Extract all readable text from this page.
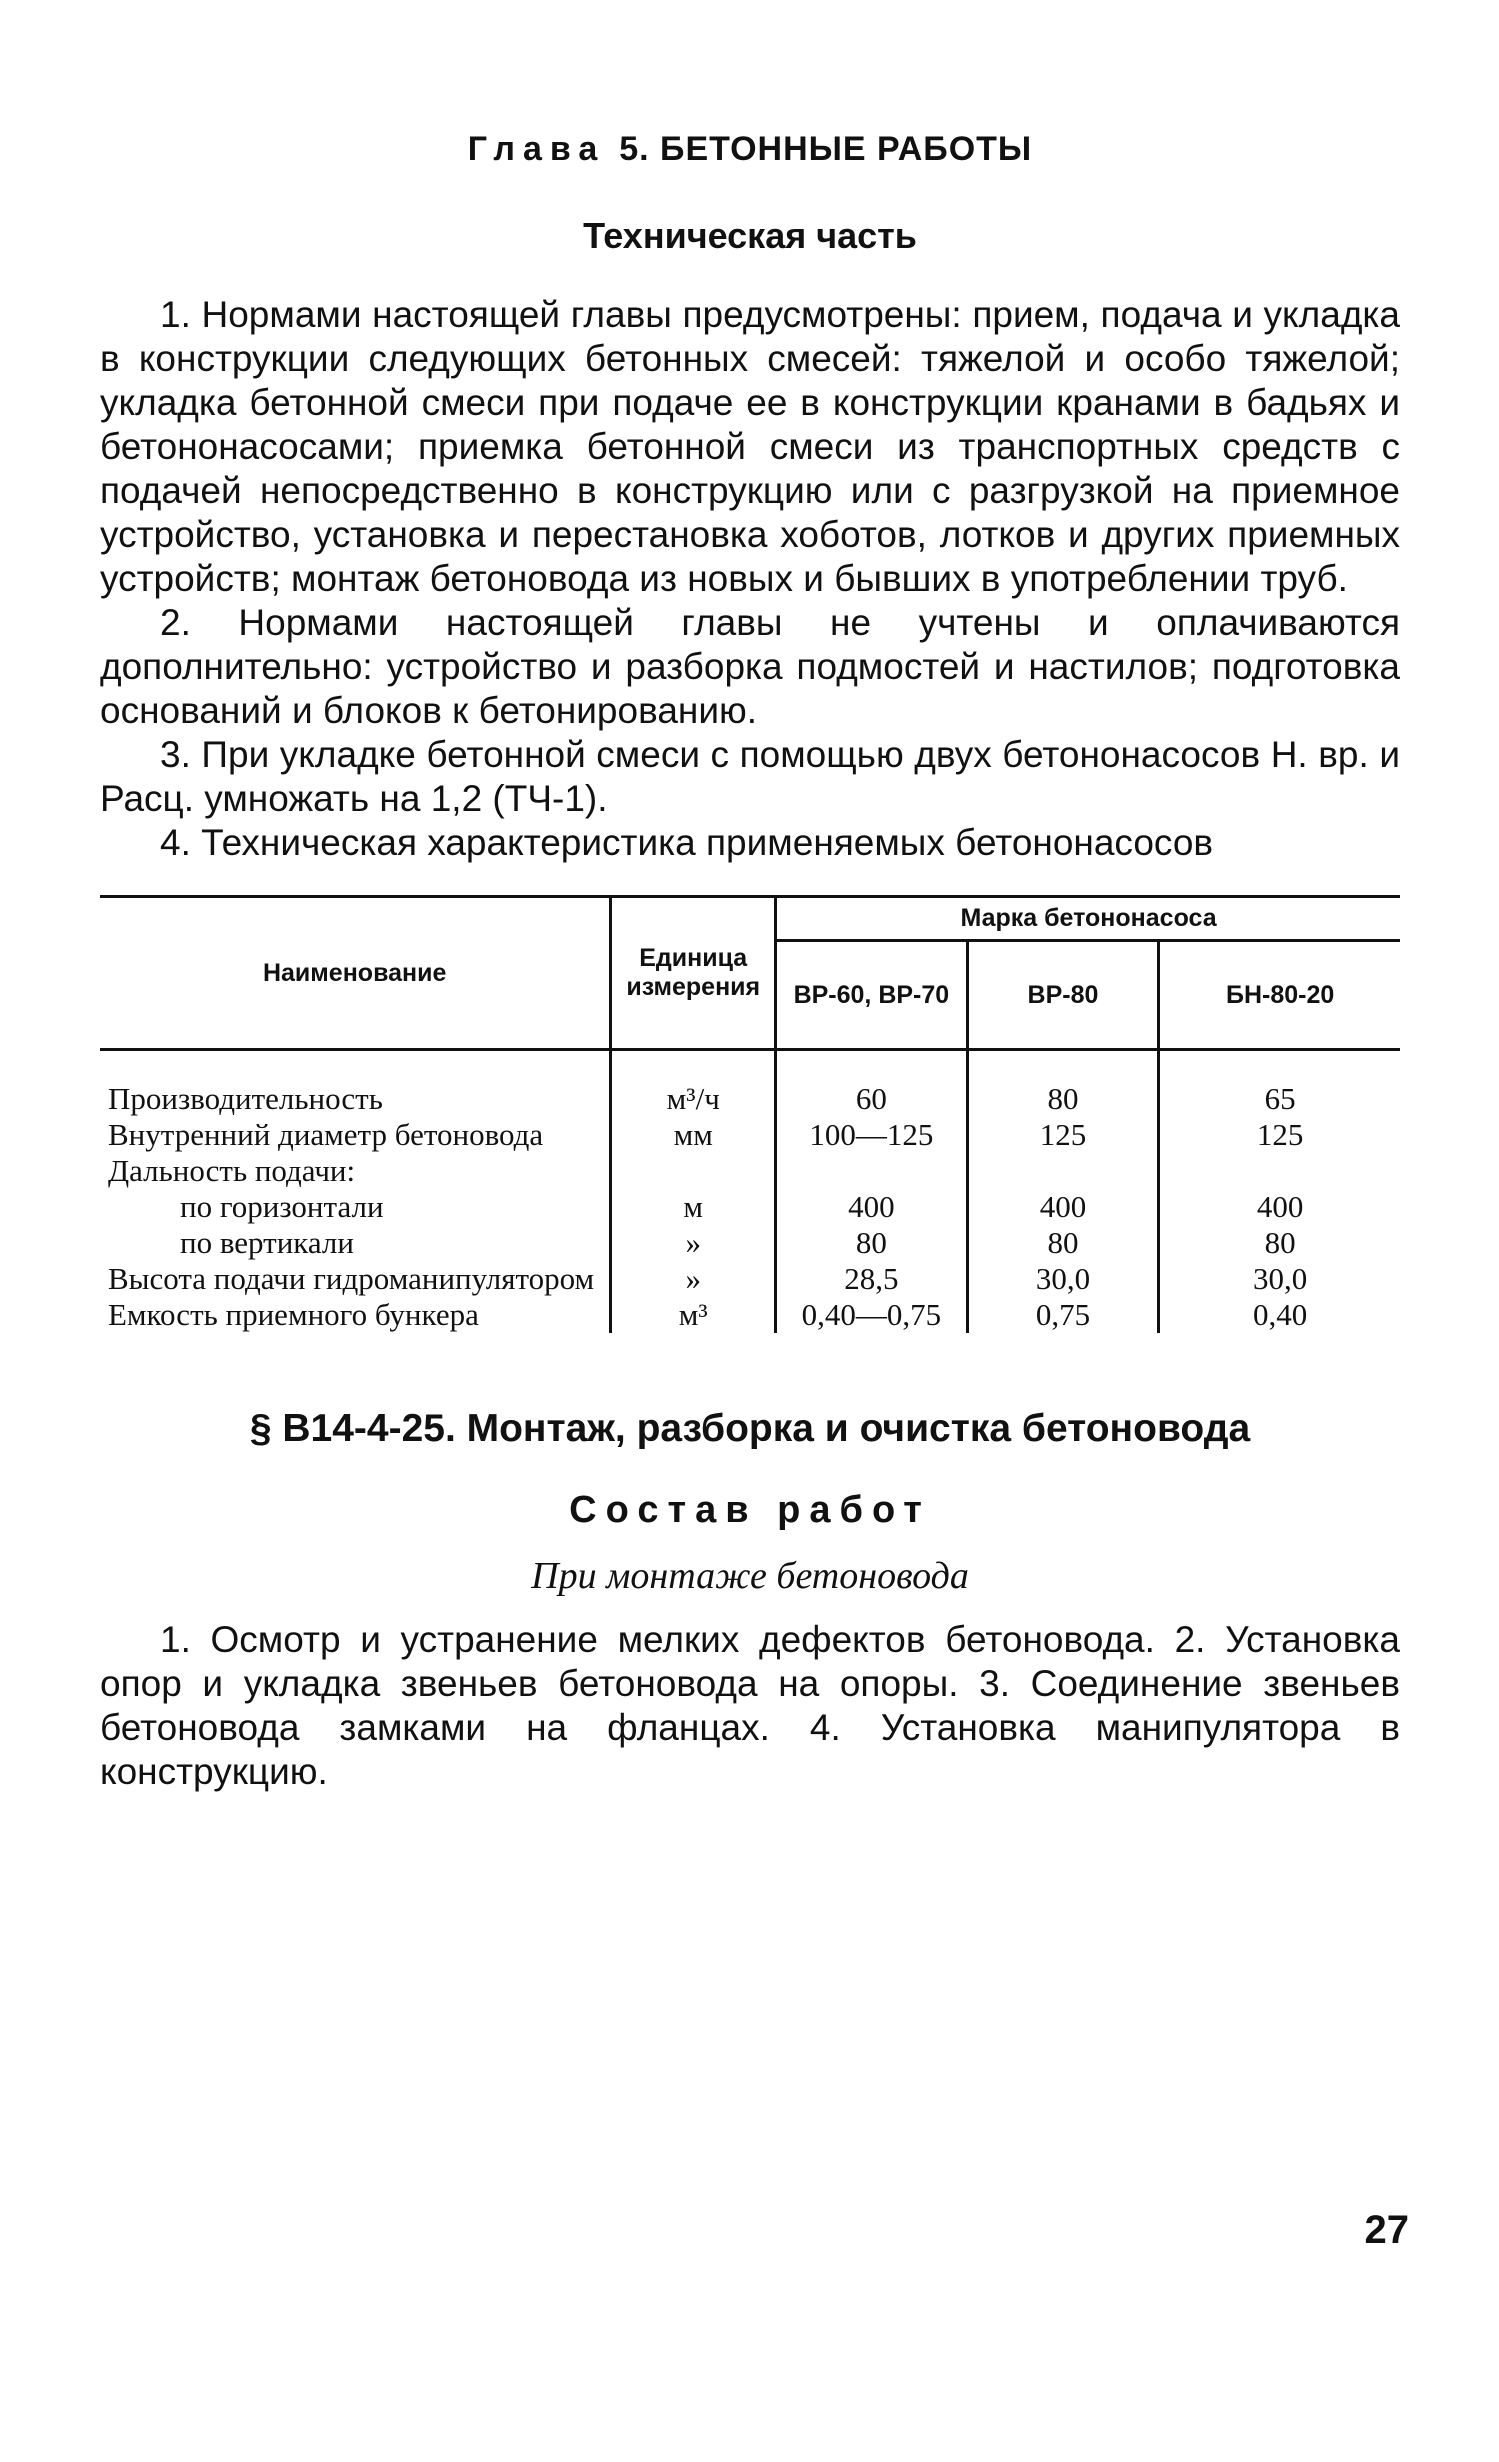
Глава 5. БЕТОННЫЕ РАБОТЫ
Техническая часть

1. Нормами настоящей главы предусмотрены: прием, подача и укладка в конструкции следующих бетонных смесей: тяжелой и особо тяжелой; укладка бетонной смеси при подаче ее в конструкции кранами в бадьях и бетононасосами; приемка бетонной смеси из транспортных средств с подачей непосредственно в конструкцию или с разгрузкой на приемное устройство, установка и перестановка хоботов, лотков и других приемных устройств; монтаж бетоновода из новых и бывших в употреблении труб.

2. Нормами настоящей главы не учтены и оплачиваются дополнительно: устройство и разборка подмостей и настилов; подготовка оснований и блоков к бетонированию.

3. При укладке бетонной смеси с помощью двух бетононасосов Н. вр. и Расц. умножать на 1,2 (ТЧ-1).

4. Техническая характеристика применяемых бетононасосов

Наименование	Единица измерения	Марка бетононасоса		
		ВР-60, ВР-70	ВР-80	БН-80-20
Производительность	м³/ч	60	80	65
Внутренний диаметр бетоновода	мм	100—125	125	125
Дальность подачи:				
по горизонтали	м	400	400	400
по вертикали	»	80	80	80
Высота подачи гидроманипулятором	»	28,5	30,0	30,0
Емкость приемного бункера	м³	0,40—0,75	0,75	0,40
§ В14-4-25. Монтаж, разборка и очистка бетоновода
Состав работ
При монтаже бетоновода

1. Осмотр и устранение мелких дефектов бетоновода. 2. Установка опор и укладка звеньев бетоновода на опоры. 3. Соединение звеньев бетоновода замками на фланцах. 4. Установка манипулятора в конструкцию.

27
